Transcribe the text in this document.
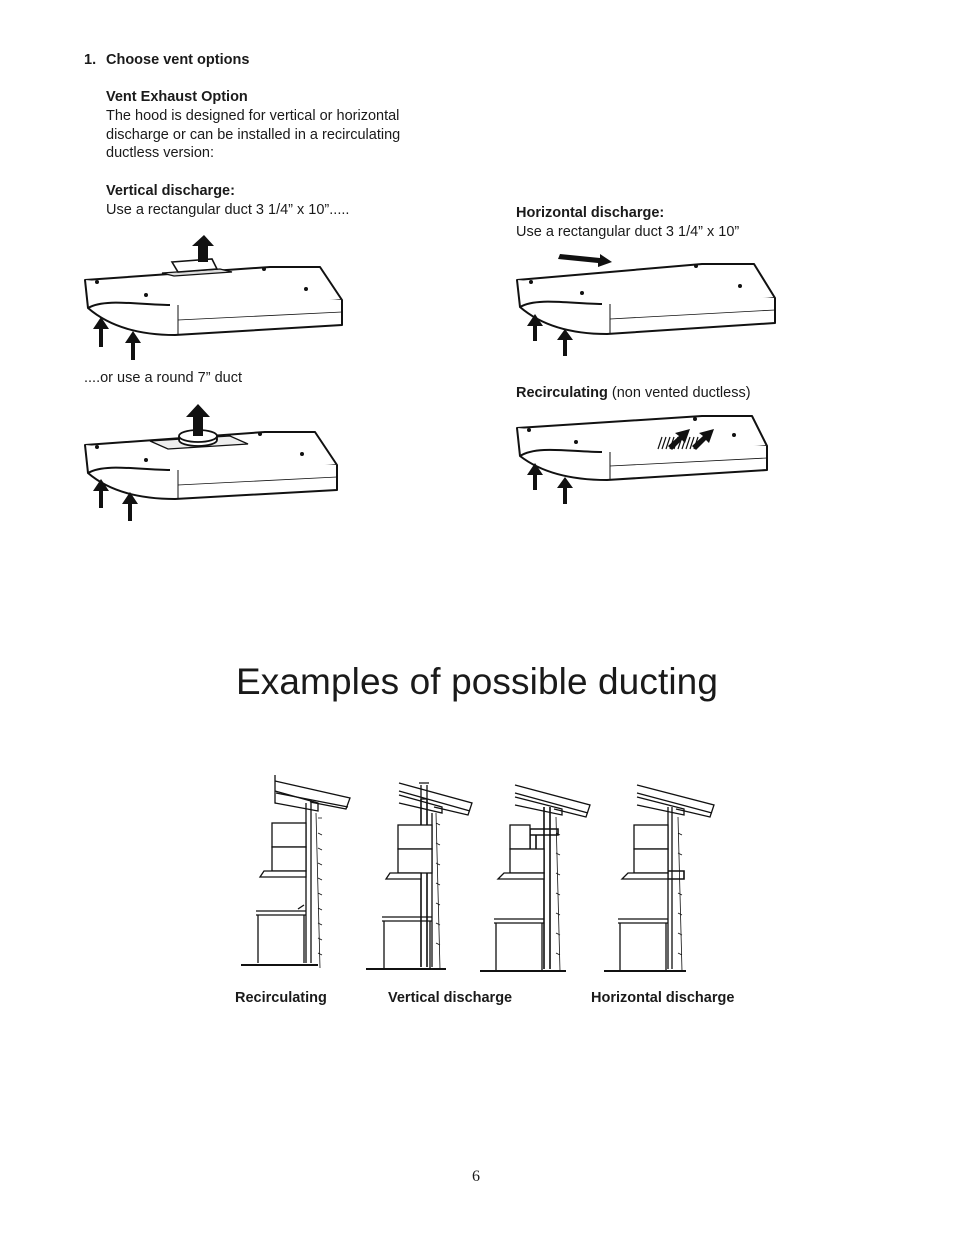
1. Choose vent options
Vent Exhaust Option
The hood is designed for vertical or horizontal
discharge or can be installed in a recirculating
ductless version:
Vertical discharge:
Use a rectangular duct 3 1/4” x 10”.....
....or use a round 7” duct
Horizontal discharge:
Use a rectangular duct 3 1/4” x 10”
Recirculating (non vented ductless)
Examples of possible ducting
Recirculating	Vertical discharge	Horizontal discharge
6
